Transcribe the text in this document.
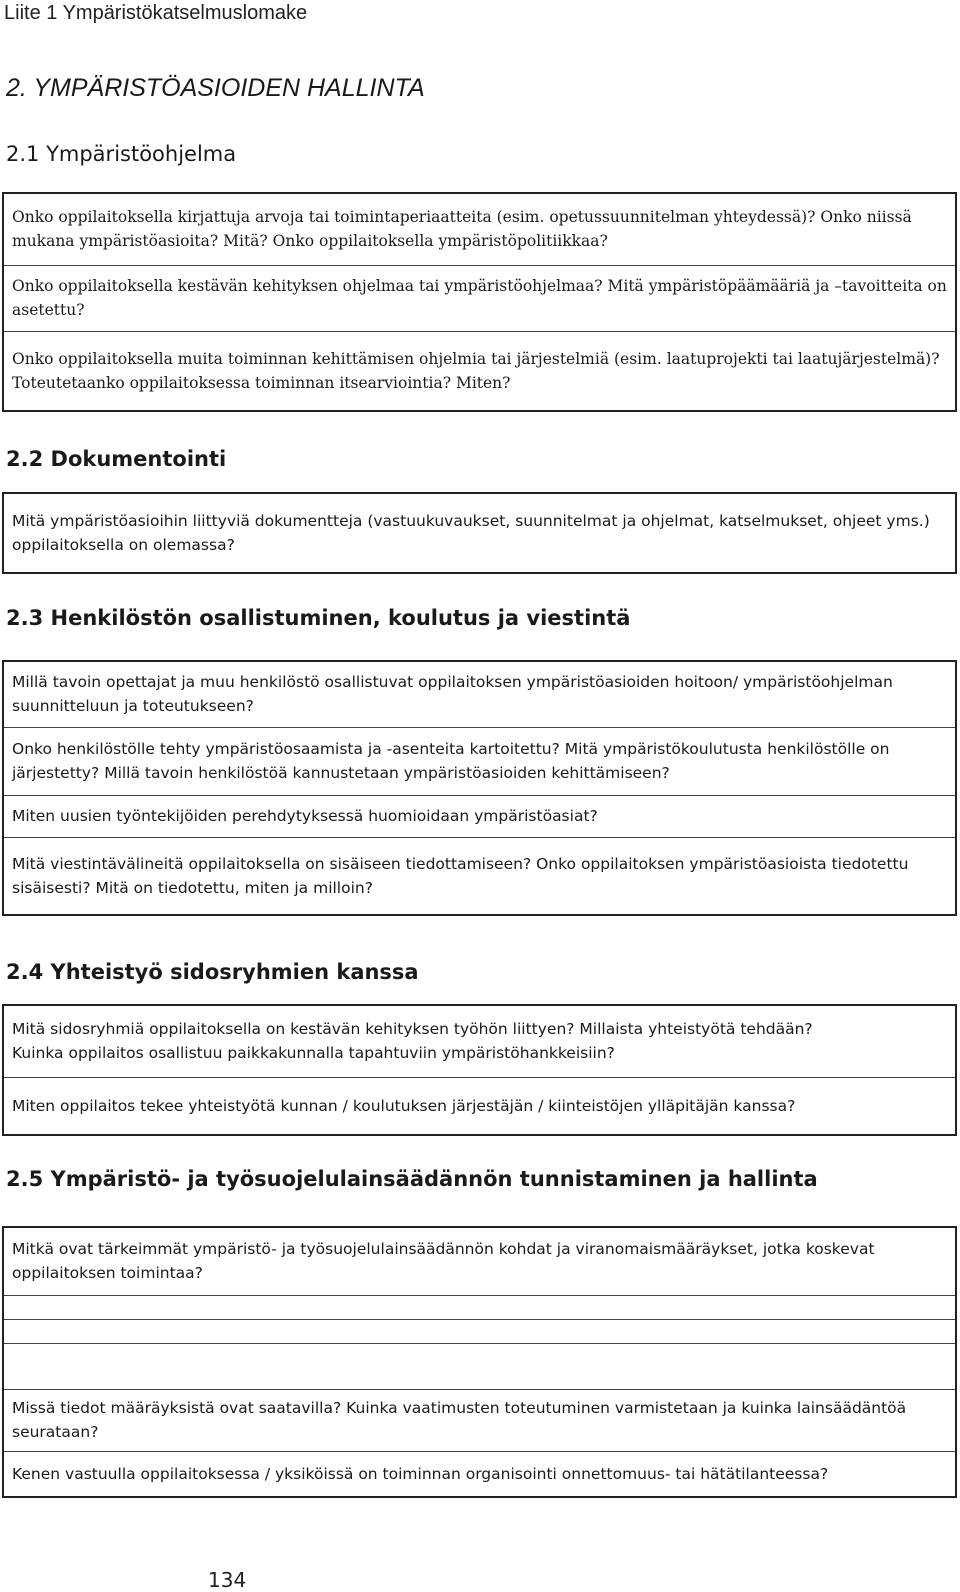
Liite 1 Ympäristökatselmuslomake
2. YMPÄRISTÖASIOIDEN HALLINTA
2.1 Ympäristöohjelma
Onko oppilaitoksella kirjattuja arvoja tai toimintaperiaatteita (esim. opetussuunnitelman yhteydessä)? Onko niissä mukana ympäristöasioita? Mitä? Onko oppilaitoksella ympäristöpolitiikkaa?
Onko oppilaitoksella kestävän kehityksen ohjelmaa tai ympäristöohjelmaa? Mitä ympäristöpäämääriä ja –tavoitteita on asetettu?
Onko oppilaitoksella muita toiminnan kehittämisen ohjelmia tai järjestelmiä (esim. laatuprojekti tai laatujärjestelmä)? Toteutetaanko oppilaitoksessa toiminnan itsearviointia? Miten?
2.2 Dokumentointi
Mitä ympäristöasioihin liittyviä dokumentteja (vastuukuvaukset, suunnitelmat ja ohjelmat, katselmukset, ohjeet yms.) oppilaitoksella on olemassa?
2.3 Henkilöstön osallistuminen, koulutus ja viestintä
Millä tavoin opettajat ja muu henkilöstö osallistuvat oppilaitoksen ympäristöasioiden hoitoon/ ympäristöohjelman suunnitteluun ja toteutukseen?
Onko henkilöstölle tehty ympäristöosaamista ja -asenteita kartoitettu? Mitä ympäristökoulutusta henkilöstölle on järjestetty? Millä tavoin henkilöstöä kannustetaan ympäristöasioiden kehittämiseen?
Miten uusien työntekijöiden perehdytyksessä huomioidaan ympäristöasiat?
Mitä viestintävälineitä oppilaitoksella on sisäiseen tiedottamiseen? Onko oppilaitoksen ympäristöasioista tiedotettu sisäisesti? Mitä on tiedotettu, miten ja milloin?
2.4 Yhteistyö sidosryhmien kanssa
Mitä sidosryhmiä oppilaitoksella on kestävän kehityksen työhön liittyen? Millaista yhteistyötä tehdään?
Kuinka oppilaitos osallistuu paikkakunnalla tapahtuviin ympäristöhankkeisiin?

Miten oppilaitos tekee yhteistyötä kunnan / koulutuksen järjestäjän / kiinteistöjen ylläpitäjän kanssa?
2.5 Ympäristö- ja työsuojelulainsäädännön tunnistaminen ja hallinta
Mitkä ovat tärkeimmät ympäristö- ja työsuojelulainsäädännön kohdat ja viranomaismääräykset, jotka koskevat oppilaitoksen toimintaa?

Missä tiedot määräyksistä ovat saatavilla? Kuinka vaatimusten toteutuminen varmistetaan ja kuinka lainsäädäntöä seurataan?
Kenen vastuulla oppilaitoksessa / yksiköissä on toiminnan organisointi onnettomuus- tai hätätilanteessa?
134
